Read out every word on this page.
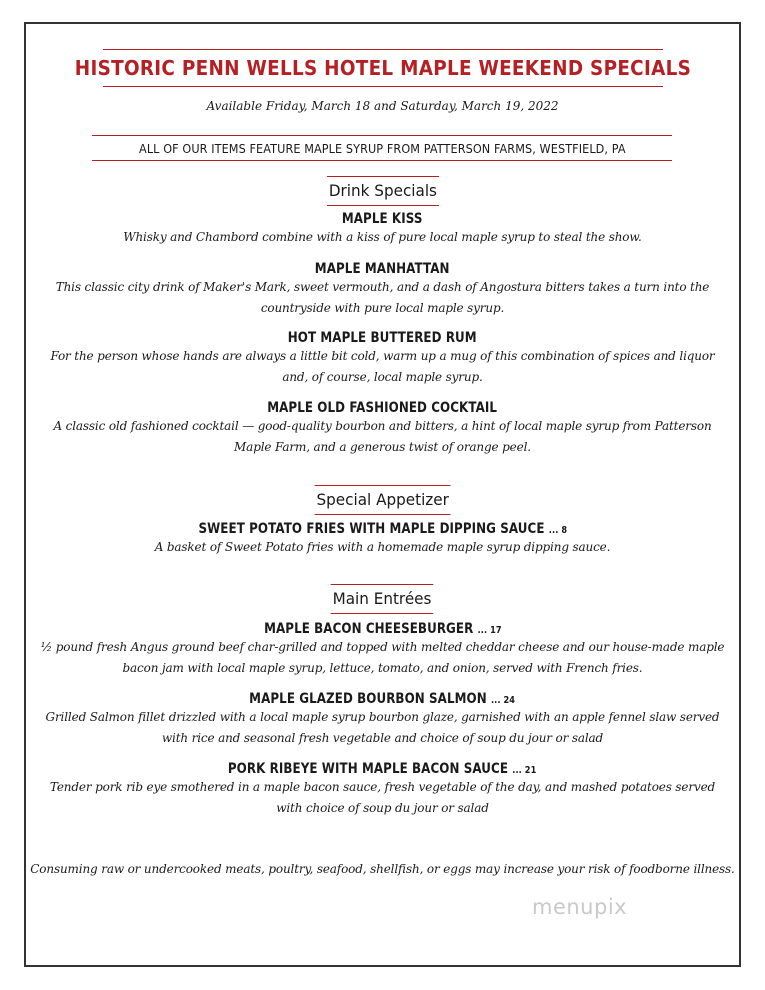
HISTORIC PENN WELLS HOTEL MAPLE WEEKEND SPECIALS
Available Friday, March 18 and Saturday, March 19, 2022
ALL OF OUR ITEMS FEATURE MAPLE SYRUP FROM PATTERSON FARMS, WESTFIELD, PA
Drink Specials
MAPLE KISS
Whisky and Chambord combine with a kiss of pure local maple syrup to steal the show.
MAPLE MANHATTAN
This classic city drink of Maker's Mark, sweet vermouth, and a dash of Angostura bitters takes a turn into the countryside with pure local maple syrup.
HOT MAPLE BUTTERED RUM
For the person whose hands are always a little bit cold, warm up a mug of this combination of spices and liquor and, of course, local maple syrup.
MAPLE OLD FASHIONED COCKTAIL
A classic old fashioned cocktail — good-quality bourbon and bitters, a hint of local maple syrup from Patterson Maple Farm, and a generous twist of orange peel.
Special Appetizer
SWEET POTATO FRIES WITH MAPLE DIPPING SAUCE ... 8
A basket of Sweet Potato fries with a homemade maple syrup dipping sauce.
Main Entrées
MAPLE BACON CHEESEBURGER ... 17
½ pound fresh Angus ground beef char-grilled and topped with melted cheddar cheese and our house-made maple bacon jam with local maple syrup, lettuce, tomato, and onion, served with French fries.
MAPLE GLAZED BOURBON SALMON ... 24
Grilled Salmon fillet drizzled with a local maple syrup bourbon glaze, garnished with an apple fennel slaw served with rice and seasonal fresh vegetable and choice of soup du jour or salad
PORK RIBEYE WITH MAPLE BACON SAUCE ... 21
Tender pork rib eye smothered in a maple bacon sauce, fresh vegetable of the day, and mashed potatoes served with choice of soup du jour or salad
Consuming raw or undercooked meats, poultry, seafood, shellfish, or eggs may increase your risk of foodborne illness.
menupix
